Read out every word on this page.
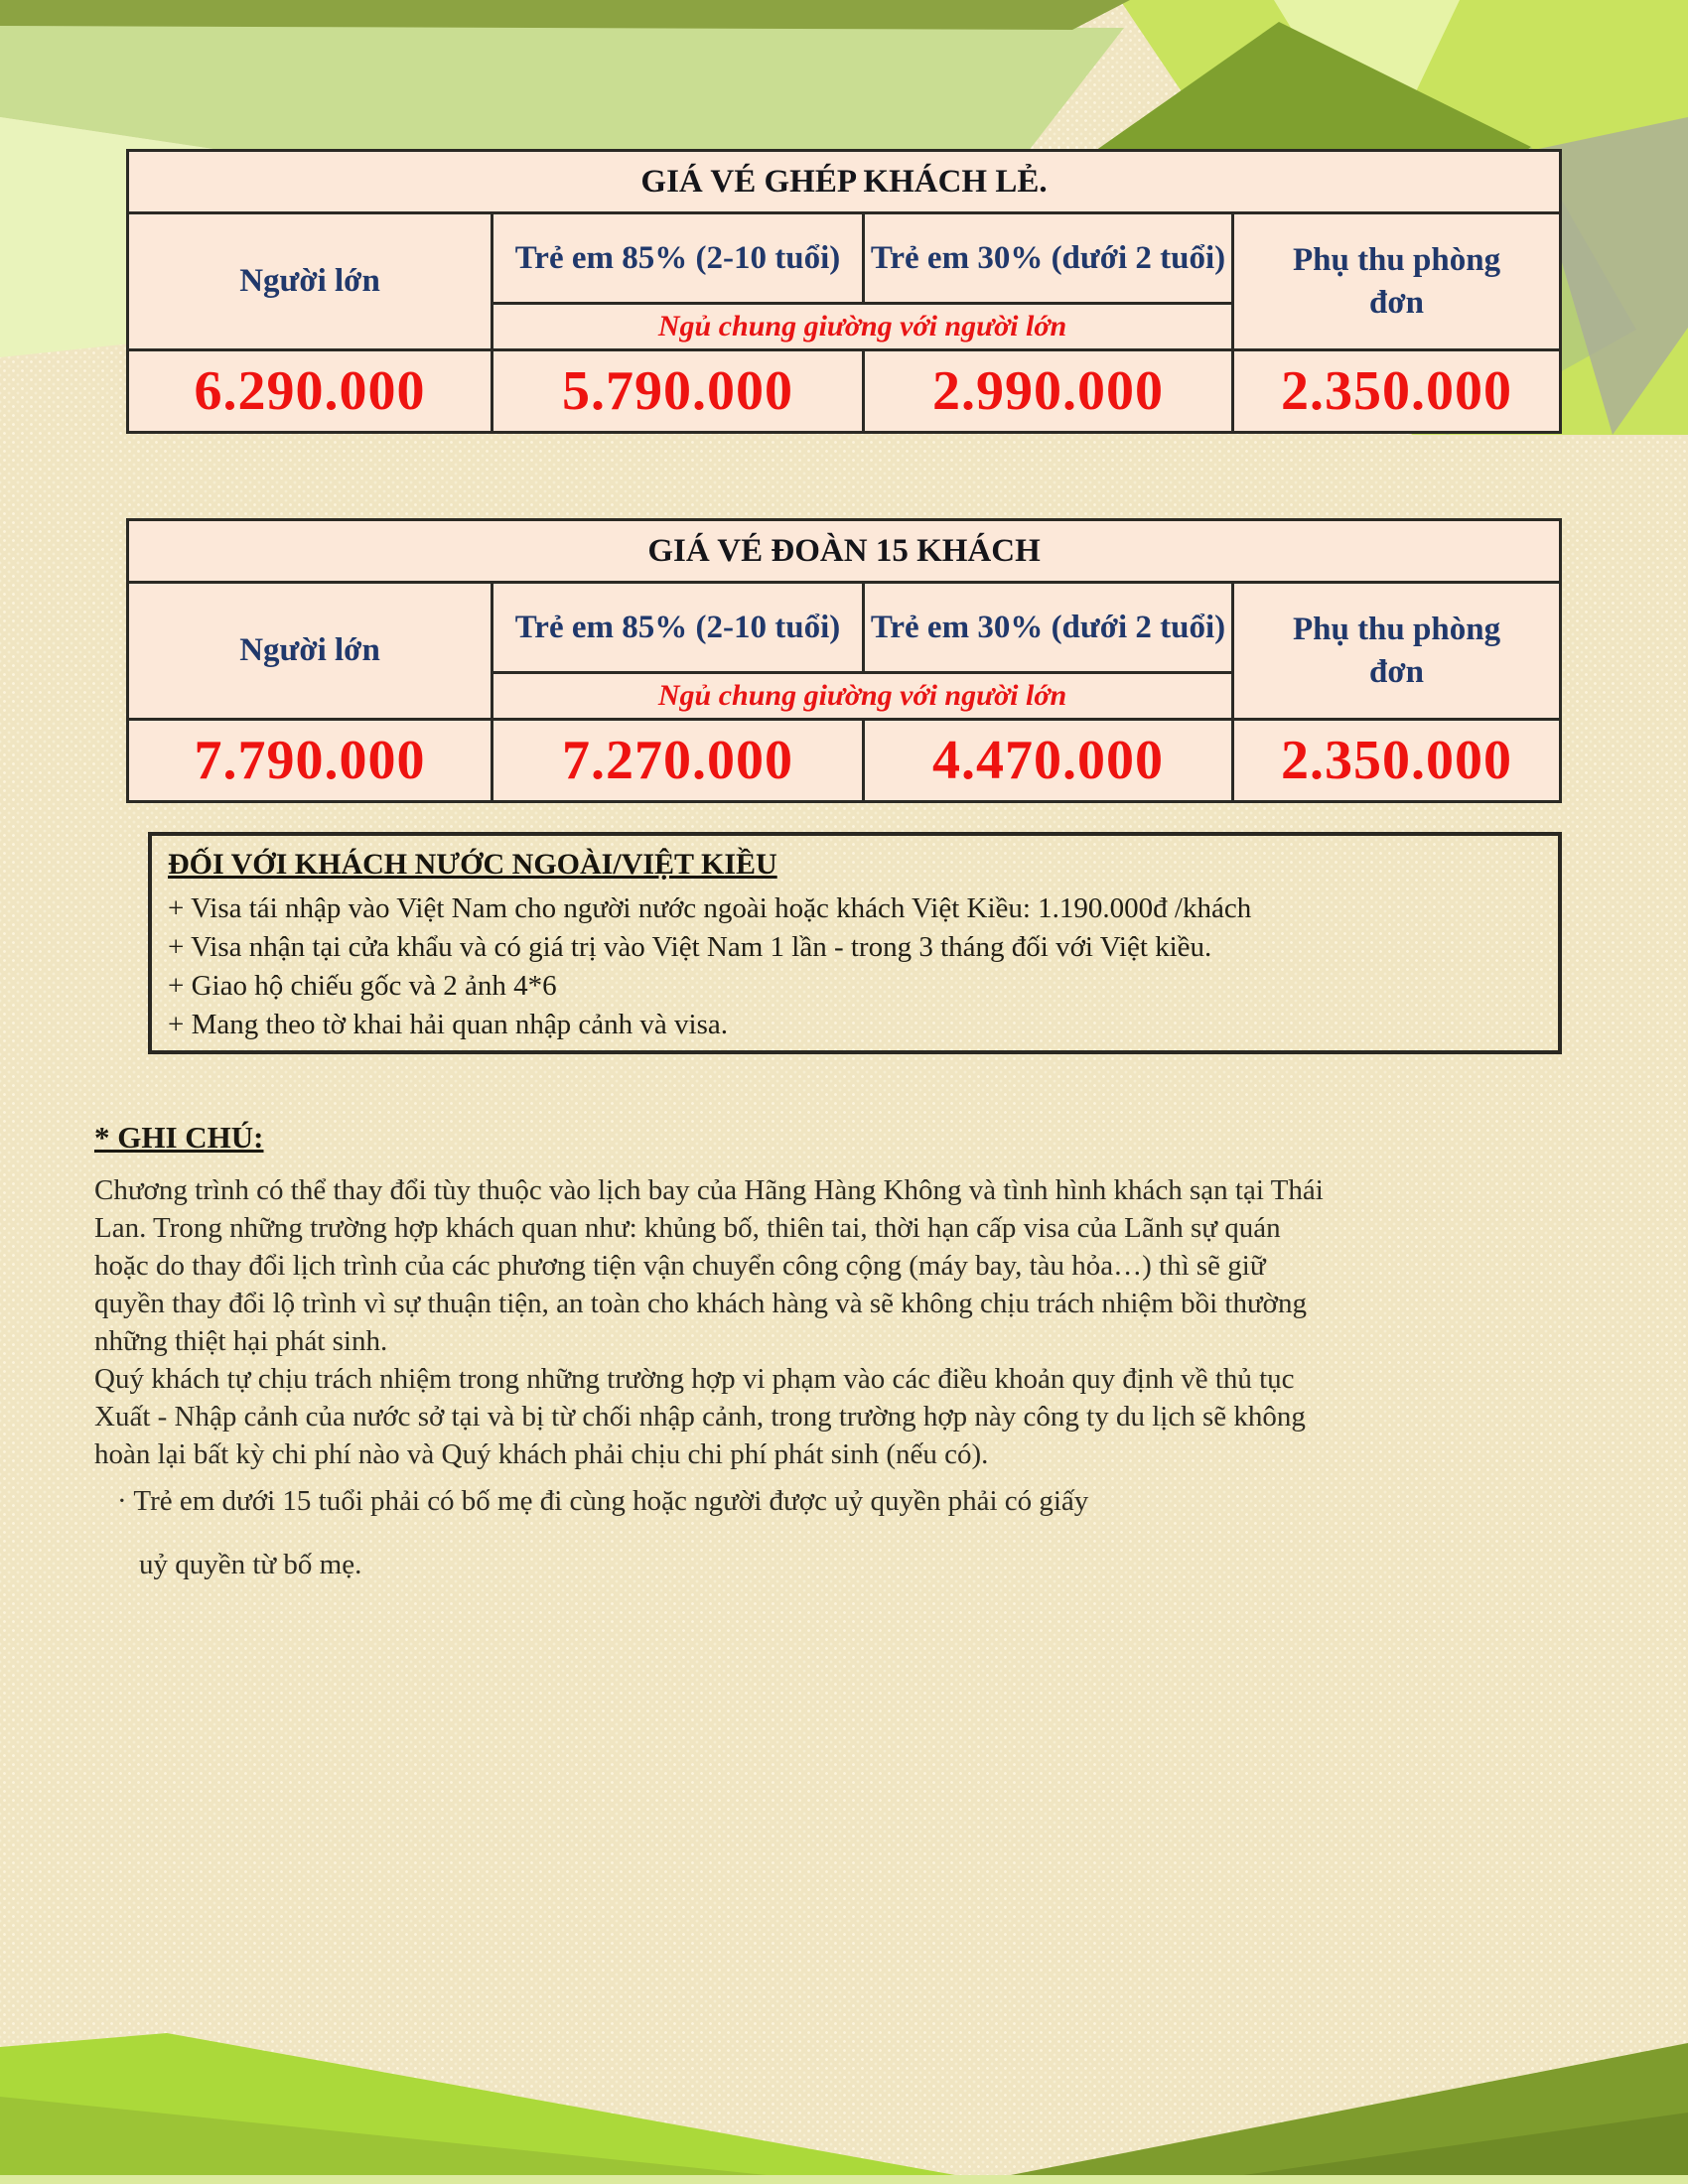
GIÁ VÉ GHÉP KHÁCH LẺ.			
Người lớn	Trẻ em 85% (2-10 tuổi)	Trẻ em 30% (dưới 2 tuổi)	Phụ thu phòng đơn
	Ngủ chung giường với người lớn		
6.290.000	5.790.000	2.990.000	2.350.000
GIÁ VÉ ĐOÀN 15 KHÁCH			
Người lớn	Trẻ em 85% (2-10 tuổi)	Trẻ em 30% (dưới 2 tuổi)	Phụ thu phòng đơn
	Ngủ chung giường với người lớn		
7.790.000	7.270.000	4.470.000	2.350.000
ĐỐI VỚI KHÁCH NƯỚC NGOÀI/VIỆT KIỀU
+ Visa tái nhập vào Việt Nam cho người nước ngoài hoặc khách Việt Kiều: 1.190.000đ /khách
+ Visa nhận tại cửa khẩu và có giá trị vào Việt Nam 1 lần - trong 3 tháng đối với Việt kiều.
+ Giao hộ chiếu gốc và 2 ảnh 4*6
+ Mang theo tờ khai hải quan nhập cảnh và visa.
* GHI CHÚ:
Chương trình có thể thay đổi tùy thuộc vào lịch bay của Hãng Hàng Không và tình hình khách sạn tại Thái
Lan. Trong những trường hợp khách quan như: khủng bố, thiên tai, thời hạn cấp visa của Lãnh sự quán
hoặc do thay đổi lịch trình của các phương tiện vận chuyển công cộng (máy bay, tàu hỏa…) thì sẽ giữ
quyền thay đổi lộ trình vì sự thuận tiện, an toàn cho khách hàng và sẽ không chịu trách nhiệm bồi thường
những thiệt hại phát sinh.
Quý khách tự chịu trách nhiệm trong những trường hợp vi phạm vào các điều khoản quy định về thủ tục
Xuất - Nhập cảnh của nước sở tại và bị từ chối nhập cảnh, trong trường hợp này công ty du lịch sẽ không
hoàn lại bất kỳ chi phí nào và Quý khách phải chịu chi phí phát sinh (nếu có).
· Trẻ em dưới 15 tuổi phải có bố mẹ đi cùng hoặc người được uỷ quyền phải có giấy
uỷ quyền từ bố mẹ.
